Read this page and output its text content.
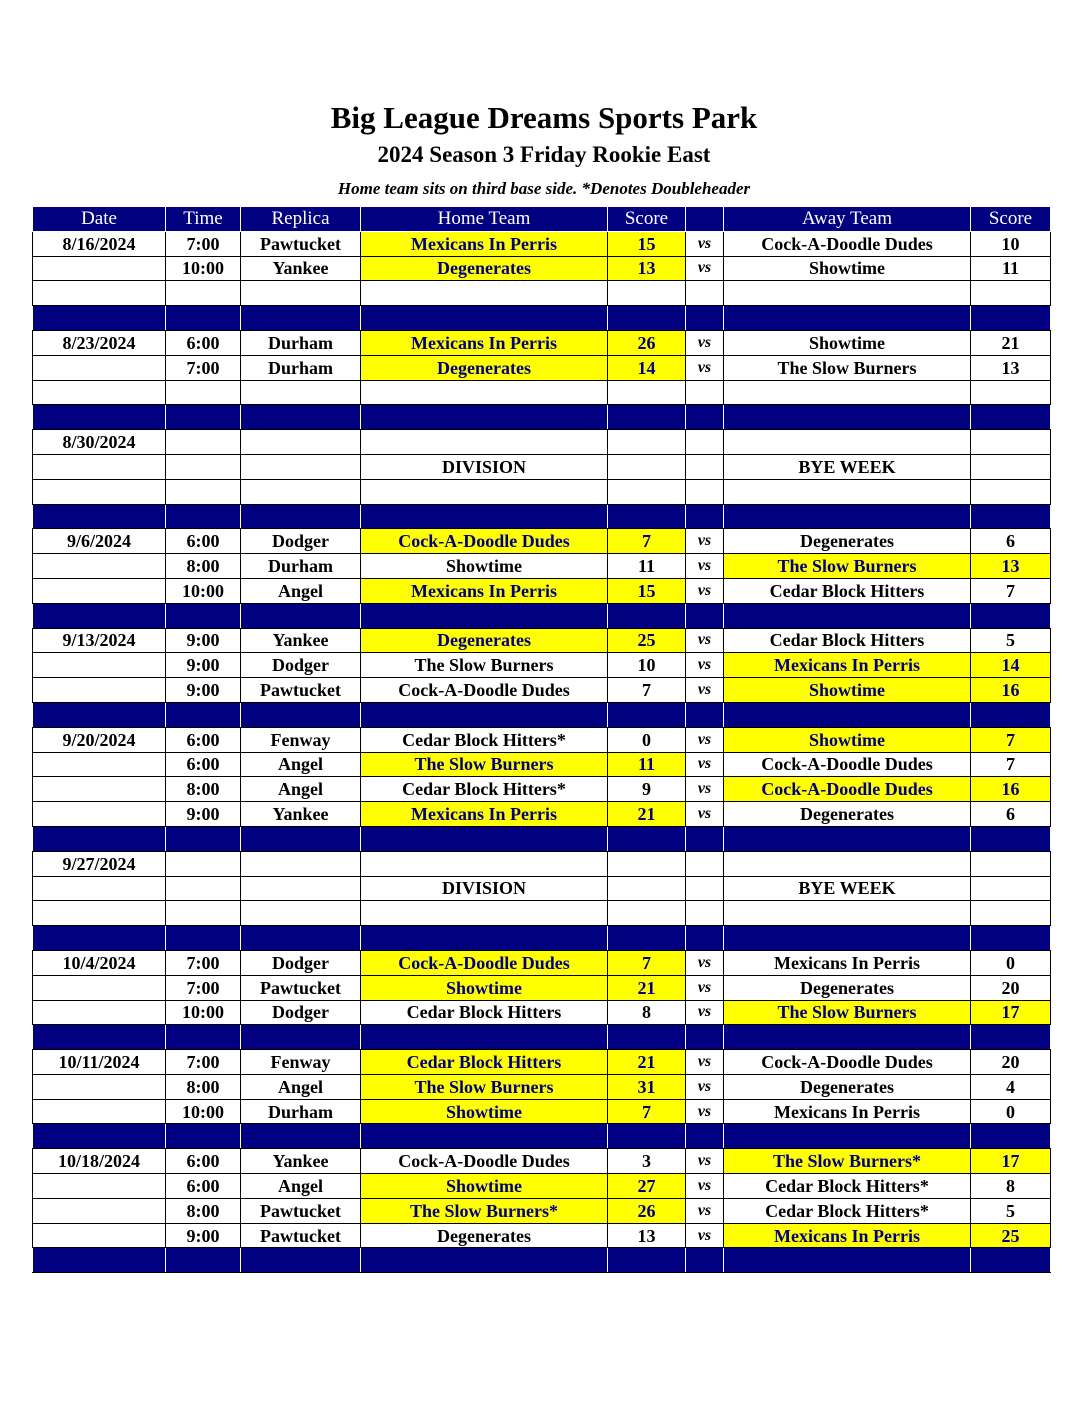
Big League Dreams Sports Park
2024 Season 3 Friday Rookie East

Home team sits on third base side. *Denotes Doubleheader

Date	Time	Replica	Home Team	Score		Away Team	Score
8/16/2024	7:00	Pawtucket	Mexicans In Perris	15	vs	Cock-A-Doodle Dudes	10
	10:00	Yankee	Degenerates	13	vs	Showtime	11

8/23/2024	6:00	Durham	Mexicans In Perris	26	vs	Showtime	21
	7:00	Durham	Degenerates	14	vs	The Slow Burners	13

8/30/2024							
			DIVISION			BYE WEEK	

9/6/2024	6:00	Dodger	Cock-A-Doodle Dudes	7	vs	Degenerates	6
	8:00	Durham	Showtime	11	vs	The Slow Burners	13
	10:00	Angel	Mexicans In Perris	15	vs	Cedar Block Hitters	7

9/13/2024	9:00	Yankee	Degenerates	25	vs	Cedar Block Hitters	5
	9:00	Dodger	The Slow Burners	10	vs	Mexicans In Perris	14
	9:00	Pawtucket	Cock-A-Doodle Dudes	7	vs	Showtime	16

9/20/2024	6:00	Fenway	Cedar Block Hitters*	0	vs	Showtime	7
	6:00	Angel	The Slow Burners	11	vs	Cock-A-Doodle Dudes	7
	8:00	Angel	Cedar Block Hitters*	9	vs	Cock-A-Doodle Dudes	16
	9:00	Yankee	Mexicans In Perris	21	vs	Degenerates	6

9/27/2024							
			DIVISION			BYE WEEK	

10/4/2024	7:00	Dodger	Cock-A-Doodle Dudes	7	vs	Mexicans In Perris	0
	7:00	Pawtucket	Showtime	21	vs	Degenerates	20
	10:00	Dodger	Cedar Block Hitters	8	vs	The Slow Burners	17

10/11/2024	7:00	Fenway	Cedar Block Hitters	21	vs	Cock-A-Doodle Dudes	20
	8:00	Angel	The Slow Burners	31	vs	Degenerates	4
	10:00	Durham	Showtime	7	vs	Mexicans In Perris	0

10/18/2024	6:00	Yankee	Cock-A-Doodle Dudes	3	vs	The Slow Burners*	17
	6:00	Angel	Showtime	27	vs	Cedar Block Hitters*	8
	8:00	Pawtucket	The Slow Burners*	26	vs	Cedar Block Hitters*	5
	9:00	Pawtucket	Degenerates	13	vs	Mexicans In Perris	25
